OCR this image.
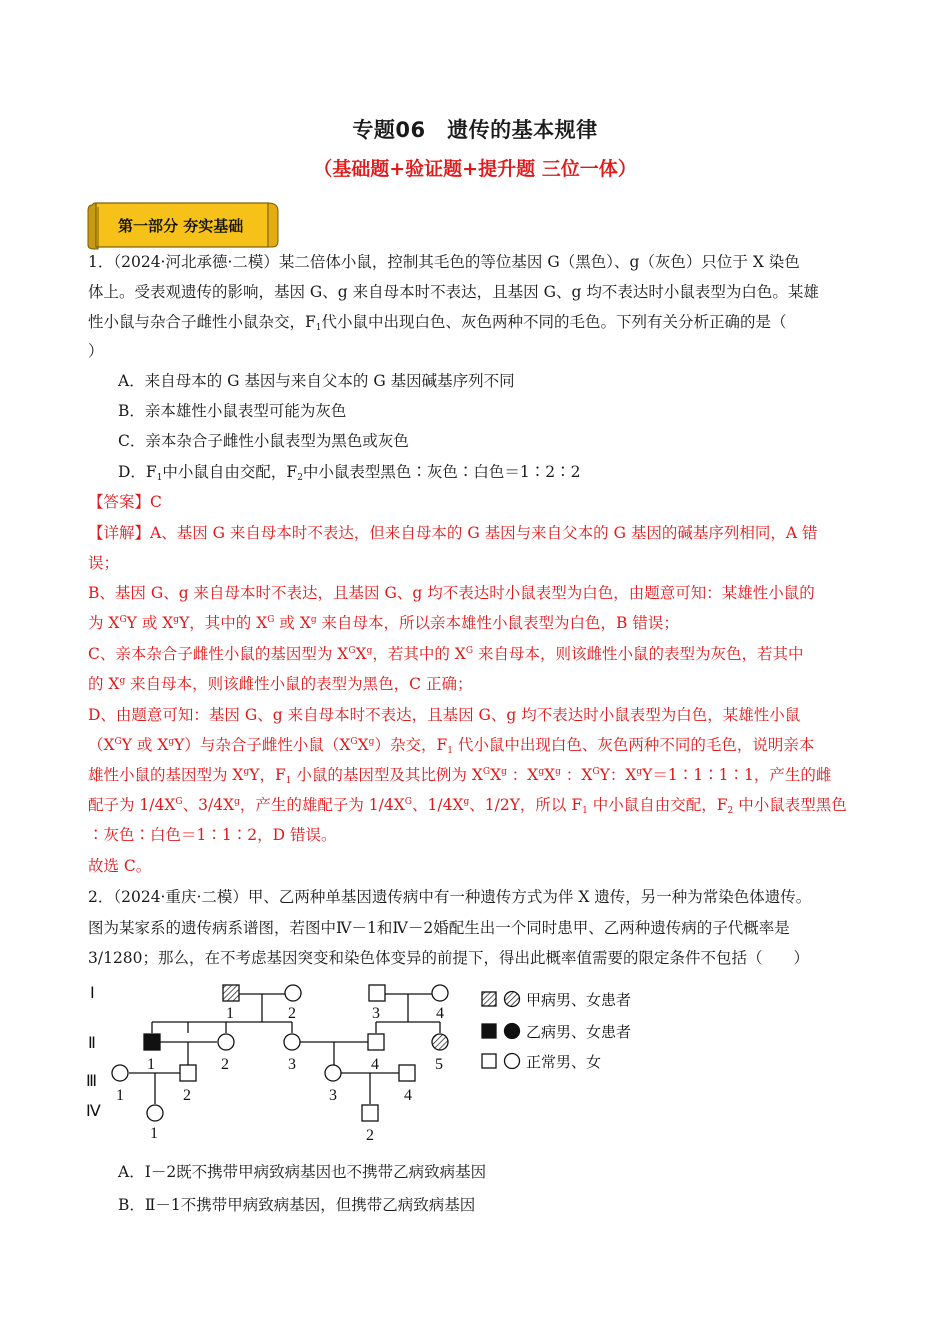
专题06　遗传的基本规律
（基础题+验证题+提升题 三位一体）
第一部分 夯实基础
1．（2024·河北承德·二模）某二倍体小鼠，控制其毛色的等位基因 G（黑色）、g（灰色）只位于 X 染色
体上。受表观遗传的影响，基因 G、g 来自母本时不表达，且基因 G、g 均不表达时小鼠表型为白色。某雄
性小鼠与杂合子雌性小鼠杂交，$F_1$代小鼠中出现白色、灰色两种不同的毛色。下列有关分析正确的是（
）
A．来自母本的 G 基因与来自父本的 G 基因碱基序列不同
B．亲本雄性小鼠表型可能为灰色
C．亲本杂合子雌性小鼠表型为黑色或灰色
D．$F_1$中小鼠自由交配，$F_2$中小鼠表型黑色∶灰色∶白色＝1∶2∶2
【答案】C
【详解】A、基因 G 来自母本时不表达，但来自母本的 G 基因与来自父本的 G 基因的碱基序列相同，A 错
误；
B、基因 G、g 来自母本时不表达，且基因 G、g 均不表达时小鼠表型为白色，由题意可知：某雄性小鼠的
为 $X^GY$ 或 $X^gY$，其中的 $X^G$ 或 $X^g$ 来自母本，所以亲本雄性小鼠表型为白色，B 错误；
C、亲本杂合子雌性小鼠的基因型为 $X^GX^g$，若其中的 $X^G$ 来自母本，则该雌性小鼠的表型为灰色，若其中
的 $X^g$ 来自母本，则该雌性小鼠的表型为黑色，C 正确；
D、由题意可知：基因 G、g 来自母本时不表达，且基因 G、g 均不表达时小鼠表型为白色，某雄性小鼠
（$X^GY$ 或 $X^gY$）与杂合子雌性小鼠$(X^GX^g)$杂交，$F_1$ 代小鼠中出现白色、灰色两种不同的毛色，说明亲本
雄性小鼠的基因型为 $X^gY$，$F_1$ 小鼠的基因型及其比例为 $X^GX^g$ ：$X^gX^g$ ：$X^GY$：$X^gY=1∶1∶1∶1$，产生的雌
配子为 $1/4X^G$、$3/4X^g$，产生的雄配子为 $1/4X^G$、$1/4X^g$、1/2Y，所以 $F_1$ 中小鼠自由交配，$F_2$ 中小鼠表型黑色
∶灰色∶白色＝1∶1∶2，D 错误。
故选 C。
2．（2024·重庆·二模）甲、乙两种单基因遗传病中有一种遗传方式为伴 X 遗传，另一种为常染色体遗传。
图为某家系的遗传病系谱图，若图中Ⅳ－1和Ⅳ－2婚配生出一个同时患甲、乙两种遗传病的子代概率是
3/1280；那么，在不考虑基因突变和染色体变异的前提下，得出此概率值需要的限定条件不包括（　　）
Ⅰ
Ⅱ
Ⅲ
Ⅳ
1	2	3	4
1	2	3	4	5
1	2	3	4
1	2
甲病男、女患者
乙病男、女患者
正常男、女
A．Ⅰ－2既不携带甲病致病基因也不携带乙病致病基因
B．Ⅱ－1不携带甲病致病基因，但携带乙病致病基因
